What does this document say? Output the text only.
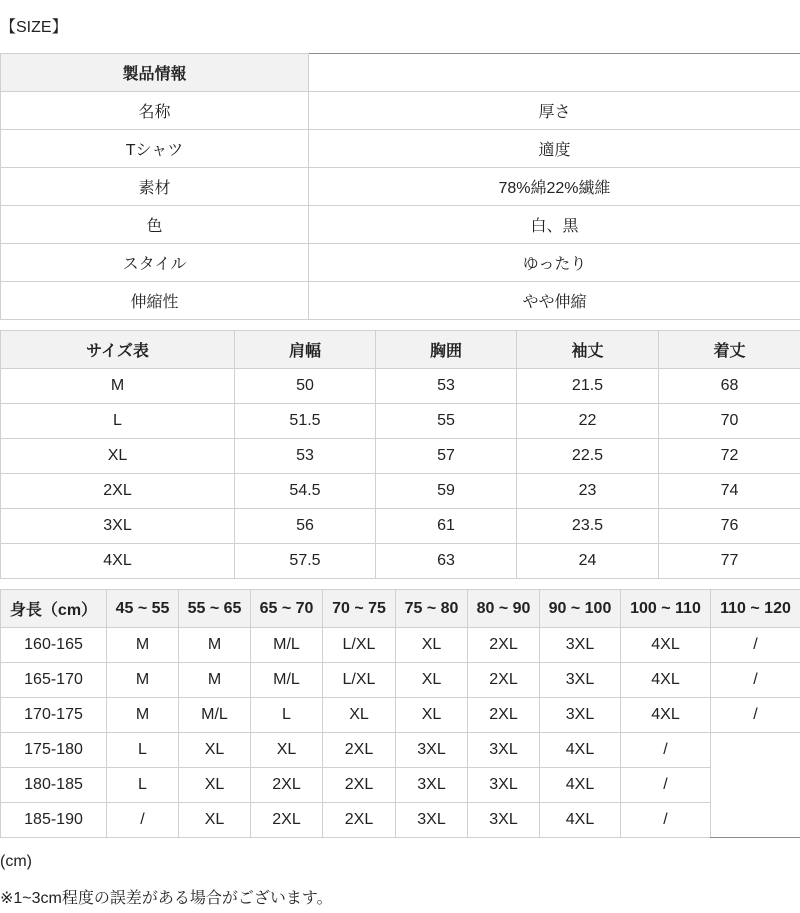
【SIZE】
製品情報	
名称	厚さ
Tシャツ	適度
素材	78%綿22%繊維
色	白、黒
スタイル	ゆったり
伸縮性	やや伸縮
サイズ表	肩幅	胸囲	袖丈	着丈
M	50	53	21.5	68
L	51.5	55	22	70
XL	53	57	22.5	72
2XL	54.5	59	23	74
3XL	56	61	23.5	76
4XL	57.5	63	24	77
身長（cm）	45 ~ 55	55 ~ 65	65 ~ 70	70 ~ 75	75 ~ 80	80 ~ 90	90 ~ 100	100 ~ 110	110 ~ 120
160-165	M	M	M/L	L/XL	XL	2XL	3XL	4XL	/
165-170	M	M	M/L	L/XL	XL	2XL	3XL	4XL	/
170-175	M	M/L	L	XL	XL	2XL	3XL	4XL	/
175-180	L	XL	XL	2XL	3XL	3XL	4XL	/	
180-185	L	XL	2XL	2XL	3XL	3XL	4XL	/	
185-190	/	XL	2XL	2XL	3XL	3XL	4XL	/	
(cm)
※1~3cm程度の誤差がある場合がございます。
